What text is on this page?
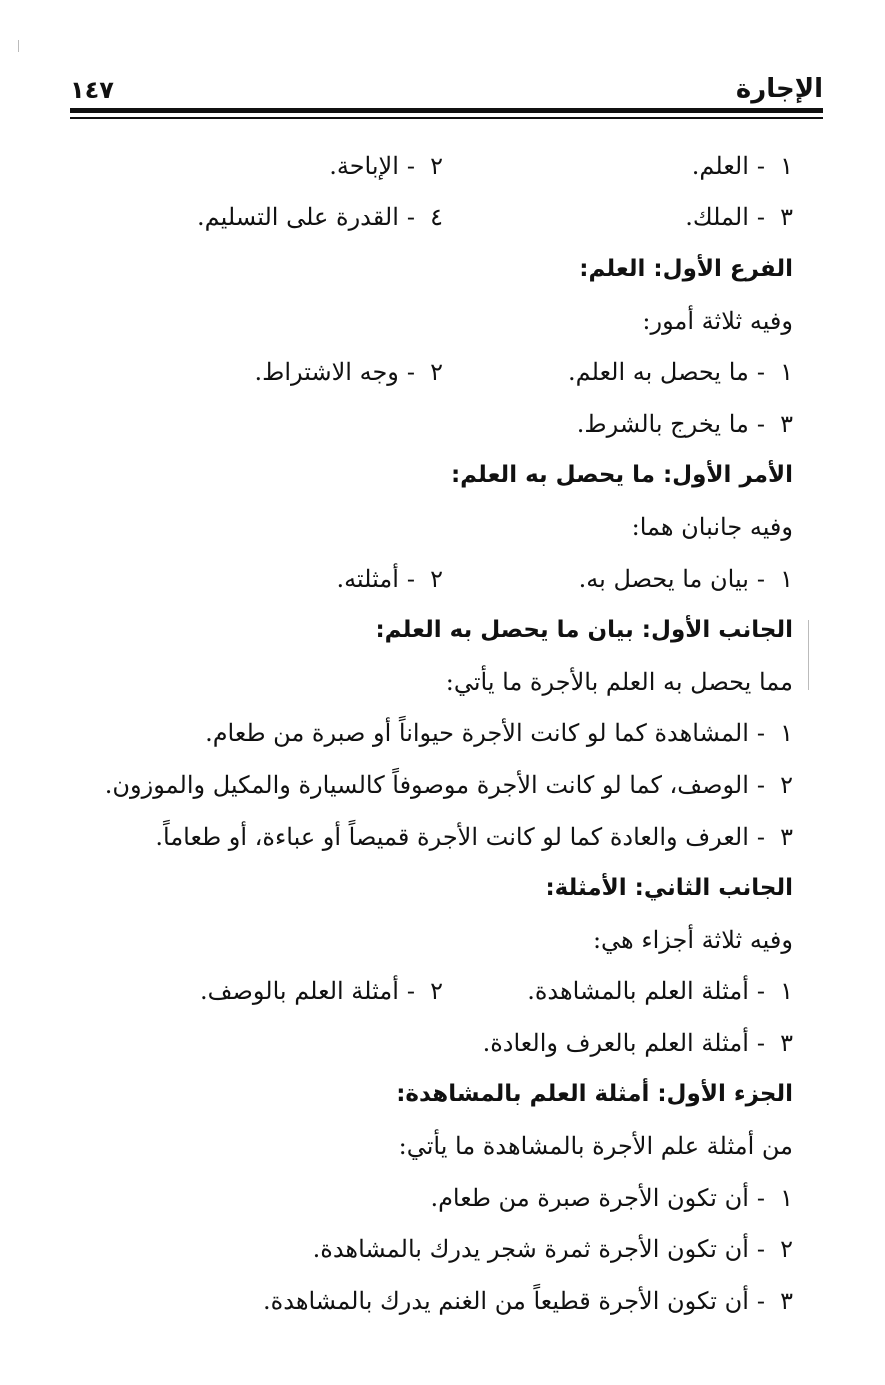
الإجارة
١٤٧
١-العلم.
٢-الإباحة.
٣-الملك.
٤-القدرة على التسليم.
الفرع الأول: العلم:
وفيه ثلاثة أمور:
١-ما يحصل به العلم.
٢-وجه الاشتراط.
٣
-
ما يخرج بالشرط.
الأمر الأول: ما يحصل به العلم:
وفيه جانبان هما:
١-بيان ما يحصل به.
٢-أمثلته.
الجانب الأول: بيان ما يحصل به العلم:
مما يحصل به العلم بالأجرة ما يأتي:
١
-
المشاهدة كما لو كانت الأجرة حيواناً أو صبرة من طعام.
٢
-
الوصف، كما لو كانت الأجرة موصوفاً كالسيارة والمكيل والموزون.
٣
-
العرف والعادة كما لو كانت الأجرة قميصاً أو عباءة، أو طعاماً.
الجانب الثاني: الأمثلة:
وفيه ثلاثة أجزاء هي:
١-أمثلة العلم بالمشاهدة.
٢-أمثلة العلم بالوصف.
٣
-
أمثلة العلم بالعرف والعادة.
الجزء الأول: أمثلة العلم بالمشاهدة:
من أمثلة علم الأجرة بالمشاهدة ما يأتي:
١
-
أن تكون الأجرة صبرة من طعام.
٢
-
أن تكون الأجرة ثمرة شجر يدرك بالمشاهدة.
٣
-
أن تكون الأجرة قطيعاً من الغنم يدرك بالمشاهدة.
